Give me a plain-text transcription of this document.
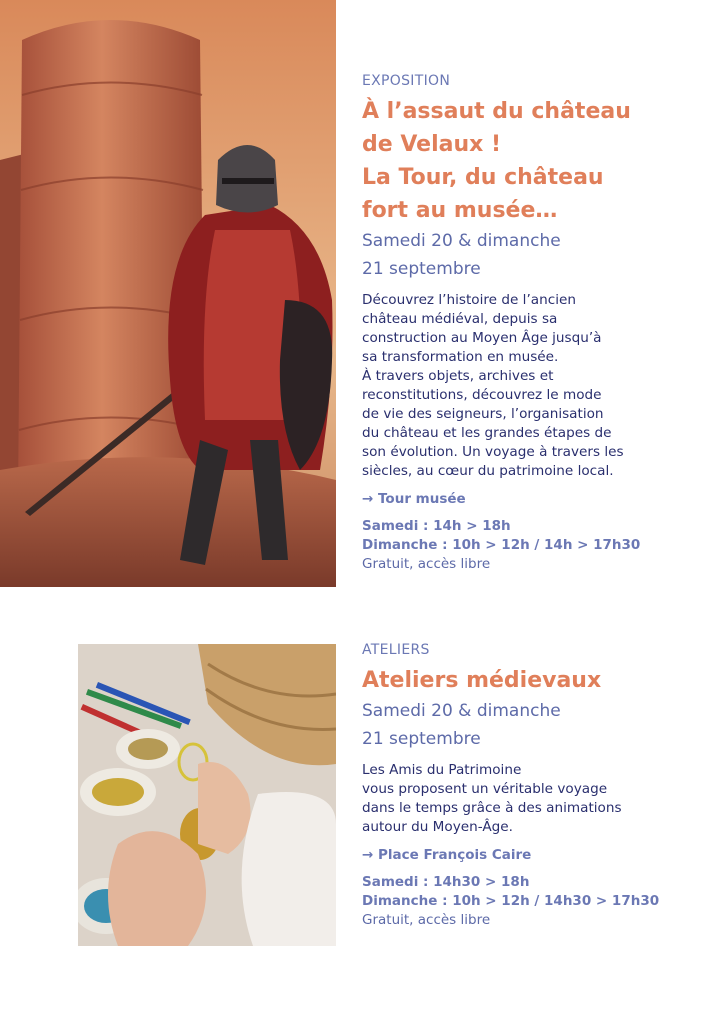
EXPOSITION

À l’assaut du château
de Velaux !
La Tour, du château
fort au musée…

Samedi 20 & dimanche
21 septembre

Découvrez l’histoire de l’ancien
château médiéval, depuis sa
construction au Moyen Âge jusqu’à
sa transformation en musée.
À travers objets, archives et
reconstitutions, découvrez le mode
de vie des seigneurs, l’organisation
du château et les grandes étapes de
son évolution. Un voyage à travers les
siècles, au cœur du patrimoine local.

→ Tour musée

Samedi : 14h > 18h

Dimanche : 10h > 12h / 14h > 17h30

Gratuit, accès libre

ATELIERS

Ateliers médievaux

Samedi 20 & dimanche
21 septembre

Les Amis du Patrimoine
vous proposent un véritable voyage
dans le temps grâce à des animations
autour du Moyen-Âge.

→ Place François Caire

Samedi : 14h30 > 18h

Dimanche : 10h > 12h / 14h30 > 17h30

Gratuit, accès libre
